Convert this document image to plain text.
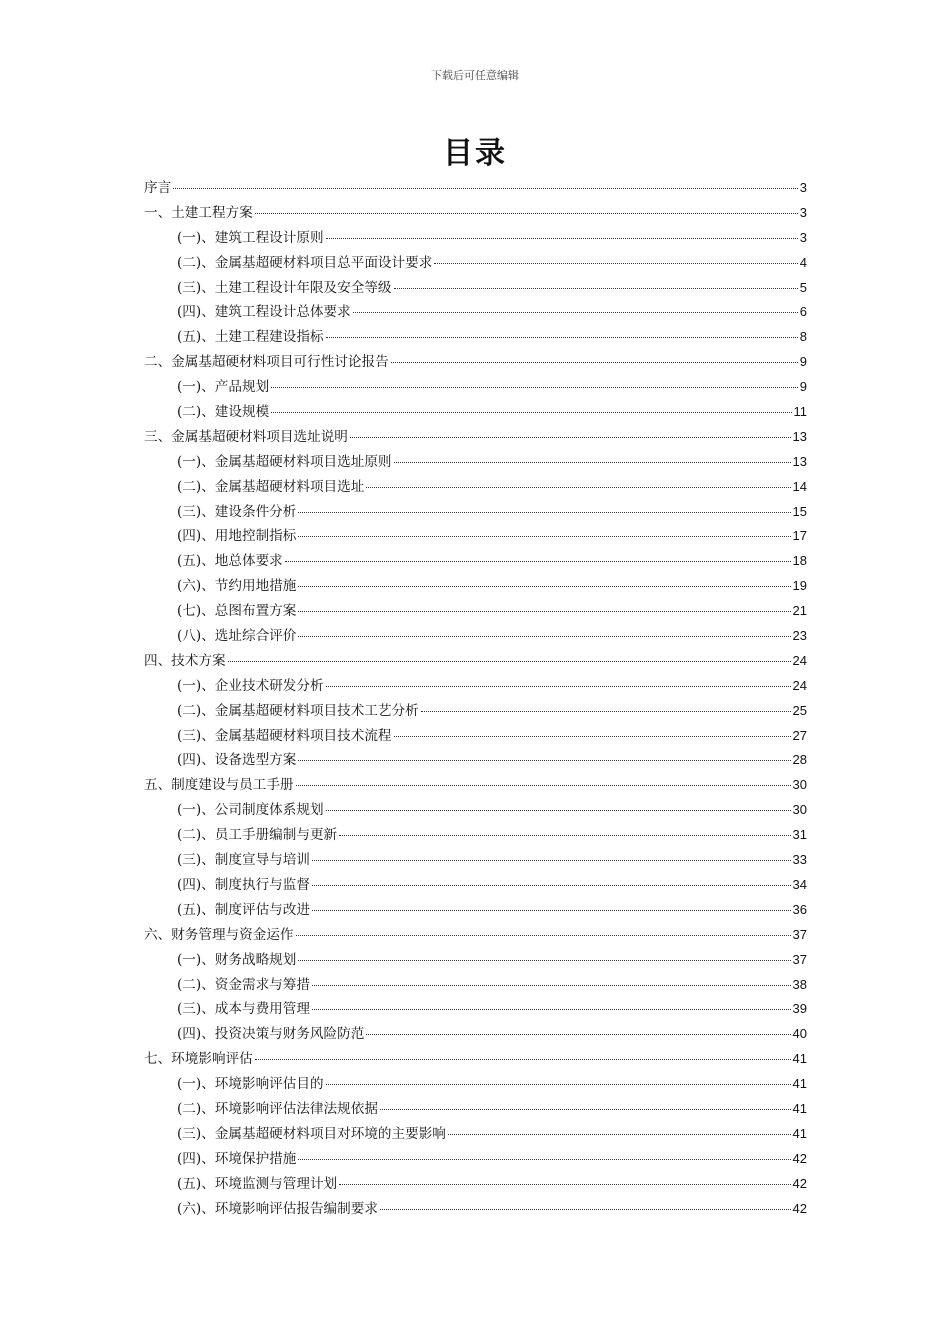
下载后可任意编辑
目录
序言	3
一、土建工程方案	3
(一)、建筑工程设计原则	3
(二)、金属基超硬材料项目总平面设计要求	4
(三)、土建工程设计年限及安全等级	5
(四)、建筑工程设计总体要求	6
(五)、土建工程建设指标	8
二、金属基超硬材料项目可行性讨论报告	9
(一)、产品规划	9
(二)、建设规模	11
三、金属基超硬材料项目选址说明	13
(一)、金属基超硬材料项目选址原则	13
(二)、金属基超硬材料项目选址	14
(三)、建设条件分析	15
(四)、用地控制指标	17
(五)、地总体要求	18
(六)、节约用地措施	19
(七)、总图布置方案	21
(八)、选址综合评价	23
四、技术方案	24
(一)、企业技术研发分析	24
(二)、金属基超硬材料项目技术工艺分析	25
(三)、金属基超硬材料项目技术流程	27
(四)、设备选型方案	28
五、制度建设与员工手册	30
(一)、公司制度体系规划	30
(二)、员工手册编制与更新	31
(三)、制度宣导与培训	33
(四)、制度执行与监督	34
(五)、制度评估与改进	36
六、财务管理与资金运作	37
(一)、财务战略规划	37
(二)、资金需求与筹措	38
(三)、成本与费用管理	39
(四)、投资决策与财务风险防范	40
七、环境影响评估	41
(一)、环境影响评估目的	41
(二)、环境影响评估法律法规依据	41
(三)、金属基超硬材料项目对环境的主要影响	41
(四)、环境保护措施	42
(五)、环境监测与管理计划	42
(六)、环境影响评估报告编制要求	42
